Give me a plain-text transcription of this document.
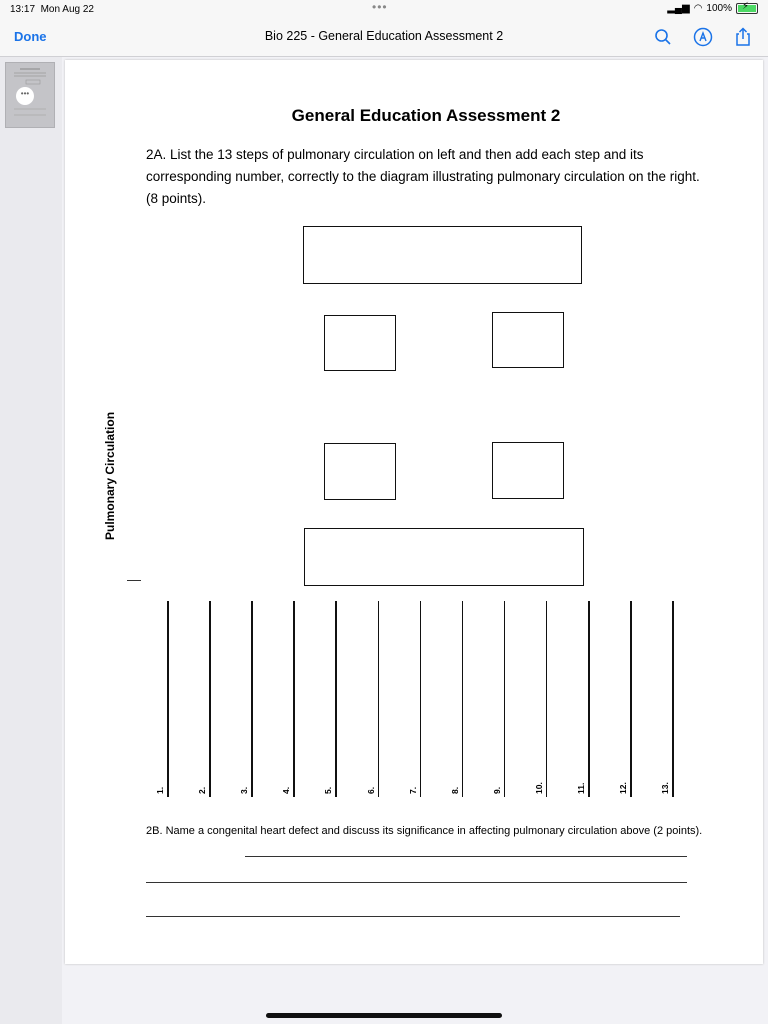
13:17 Mon Aug 22	•••	▂▄▆ ◠ 100% ⚡
Done	Bio 225 - General Education Assessment 2
•••
General Education Assessment 2
2A. List the 13 steps of pulmonary circulation on left and then add each step and its corresponding number, correctly to the diagram illustrating pulmonary circulation on the right. (8 points).
Pulmonary Circulation
1.	2.	3.	4.	5.	6.	7.	8.	9.	10.	11.	12.	13.
2B. Name a congenital heart defect and discuss its significance in affecting pulmonary circulation above (2 points).
